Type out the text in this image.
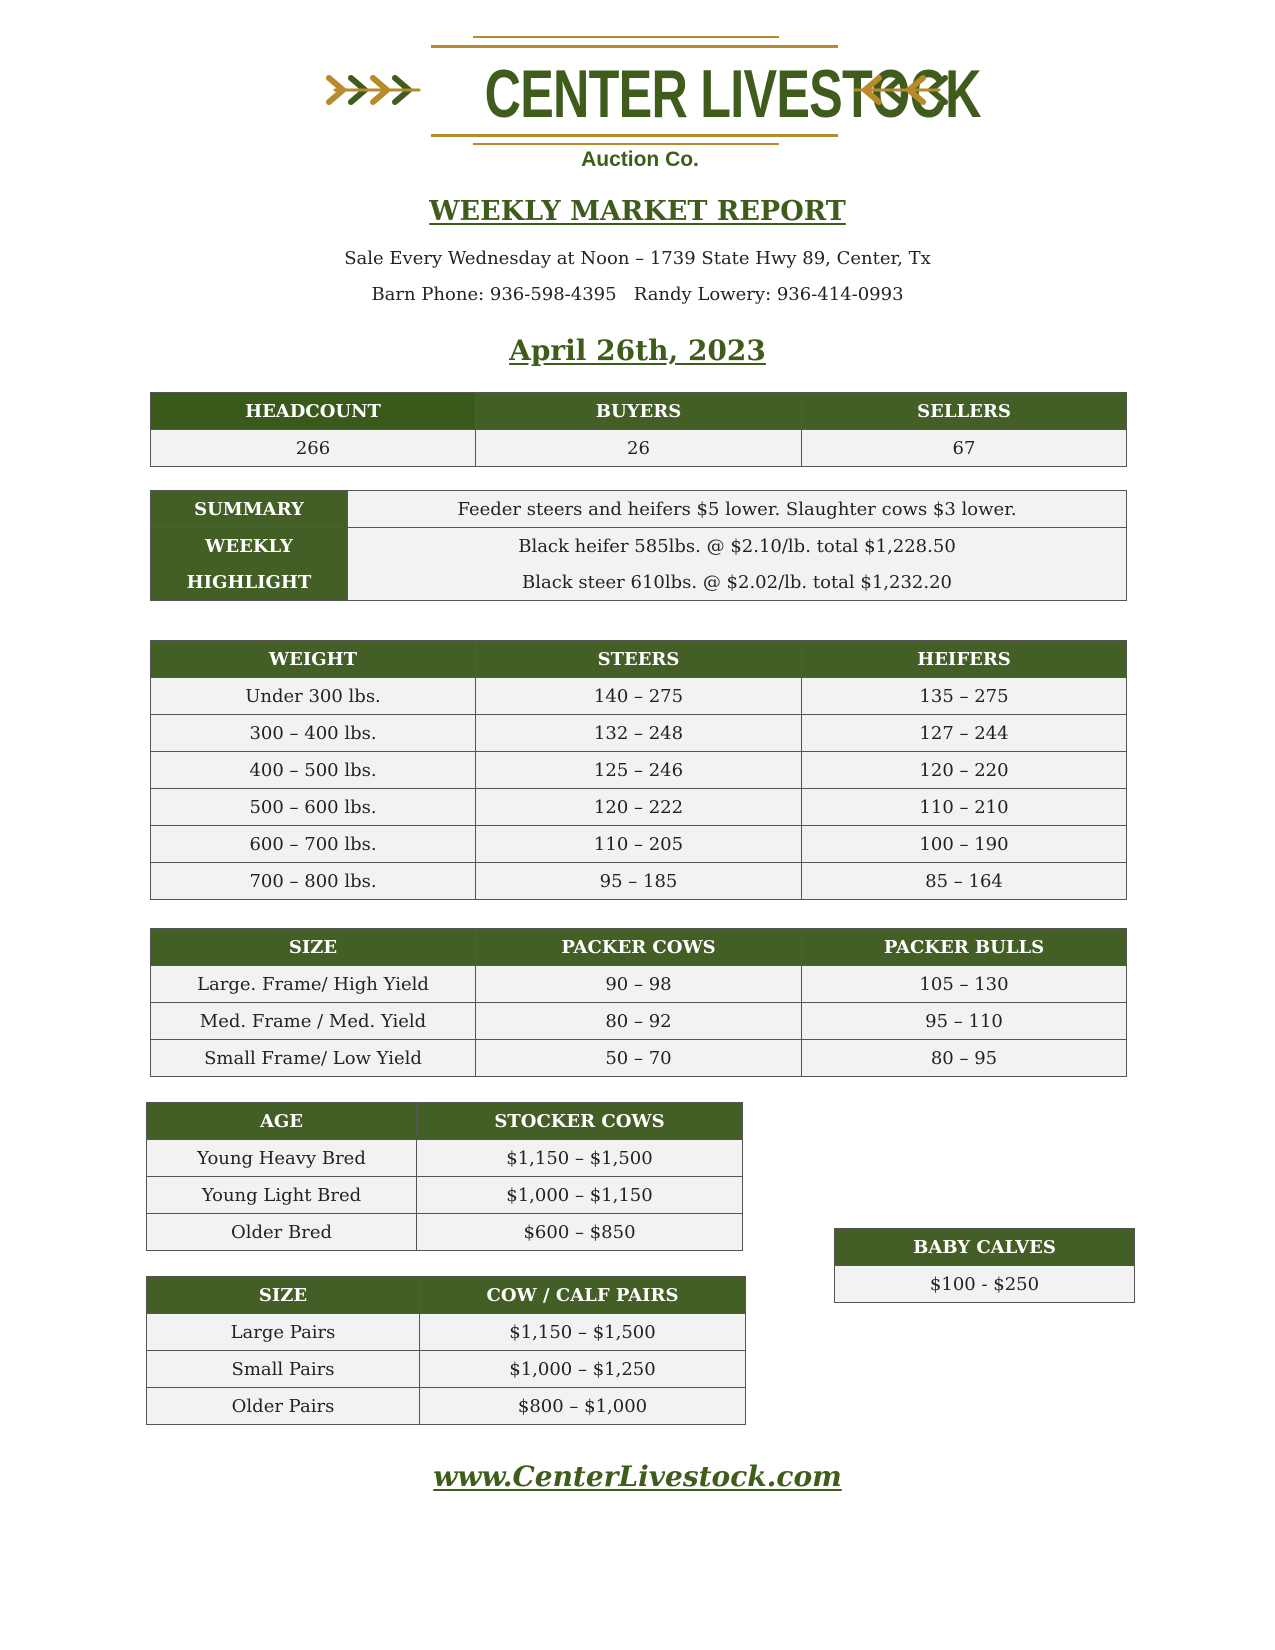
CENTER LIVESTOCK
Auction Co.
WEEKLY MARKET REPORT
Sale Every Wednesday at Noon – 1739 State Hwy 89, Center, Tx
Barn Phone: 936-598-4395   Randy Lowery: 936-414-0993
April 26th, 2023
HEADCOUNT	BUYERS	SELLERS
266	26	67
SUMMARY	Feeder steers and heifers $5 lower. Slaughter cows $3 lower.
WEEKLY	Black heifer 585lbs. @ $2.10/lb. total $1,228.50
HIGHLIGHT	Black steer 610lbs. @ $2.02/lb. total $1,232.20
WEIGHT	STEERS	HEIFERS
Under 300 lbs.	140 – 275	135 – 275
300 – 400 lbs.	132 – 248	127 – 244
400 – 500 lbs.	125 – 246	120 – 220
500 – 600 lbs.	120 – 222	110 – 210
600 – 700 lbs.	110 – 205	100 – 190
700 – 800 lbs.	95 – 185	85 – 164
SIZE	PACKER COWS	PACKER BULLS
Large. Frame/ High Yield	90 – 98	105 – 130
Med. Frame / Med. Yield	80 – 92	95 – 110
Small Frame/ Low Yield	50 – 70	80 – 95
AGE	STOCKER COWS
Young Heavy Bred	$1,150 – $1,500
Young Light Bred	$1,000 – $1,150
Older Bred	$600 – $850
SIZE	COW / CALF PAIRS
Large Pairs	$1,150 – $1,500
Small Pairs	$1,000 – $1,250
Older Pairs	$800 – $1,000
BABY CALVES
$100 - $250
www.CenterLivestock.com
